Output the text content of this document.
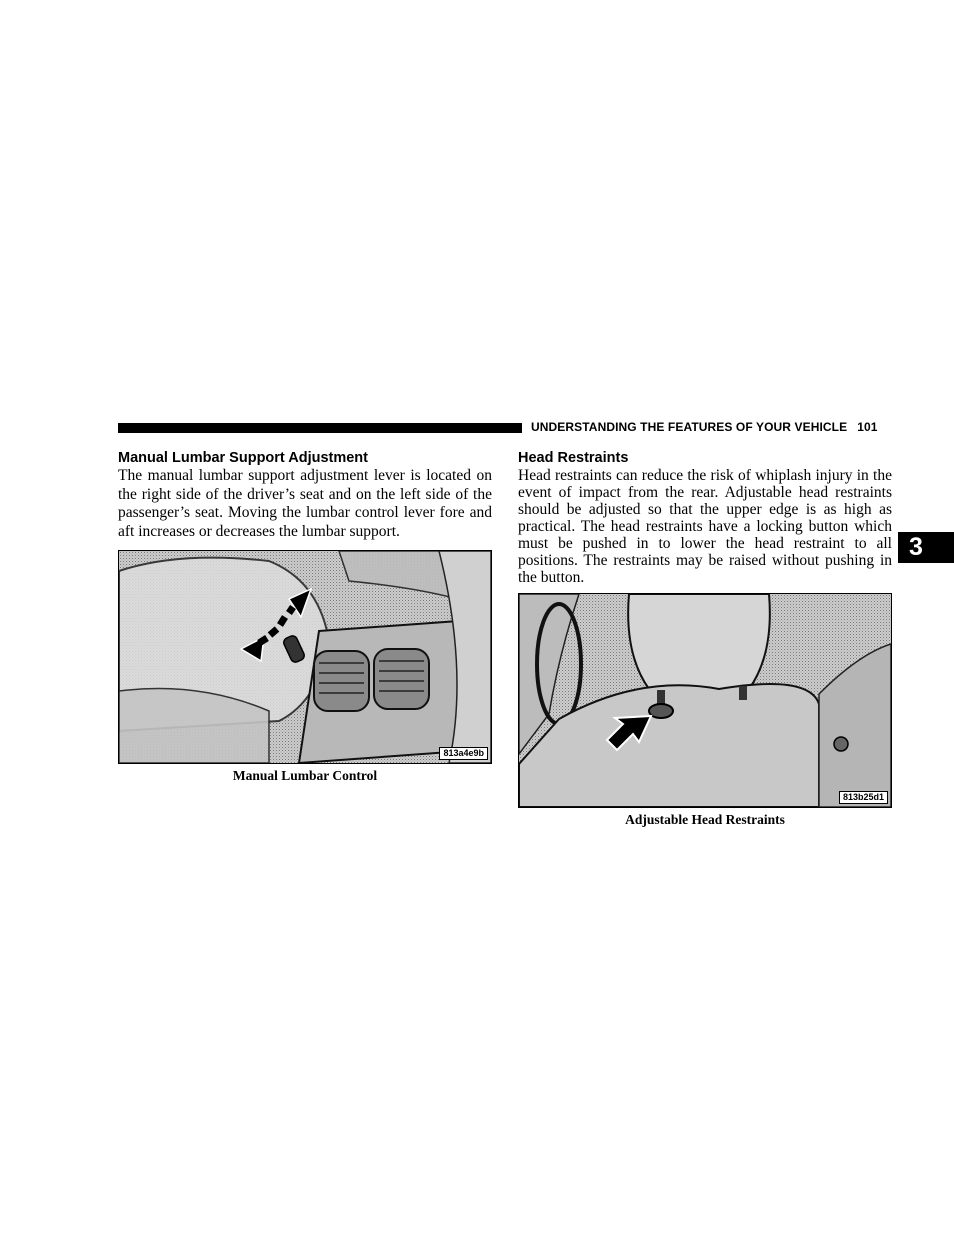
UNDERSTANDING THE FEATURES OF YOUR VEHICLE 101
3
Manual Lumbar Support Adjustment

The manual lumbar support adjustment lever is located on the right side of the driver’s seat and on the left side of the passenger’s seat. Moving the lumbar control lever fore and aft increases or decreases the lumbar support.

813a4e9b
Manual Lumbar Control
Head Restraints

Head restraints can reduce the risk of whiplash injury in the event of impact from the rear. Adjustable head restraints should be adjusted so that the upper edge is as high as practical. The head restraints have a locking button which must be pushed in to lower the head restraint to all positions. The restraints may be raised without pushing in the button.

813b25d1
Adjustable Head Restraints
